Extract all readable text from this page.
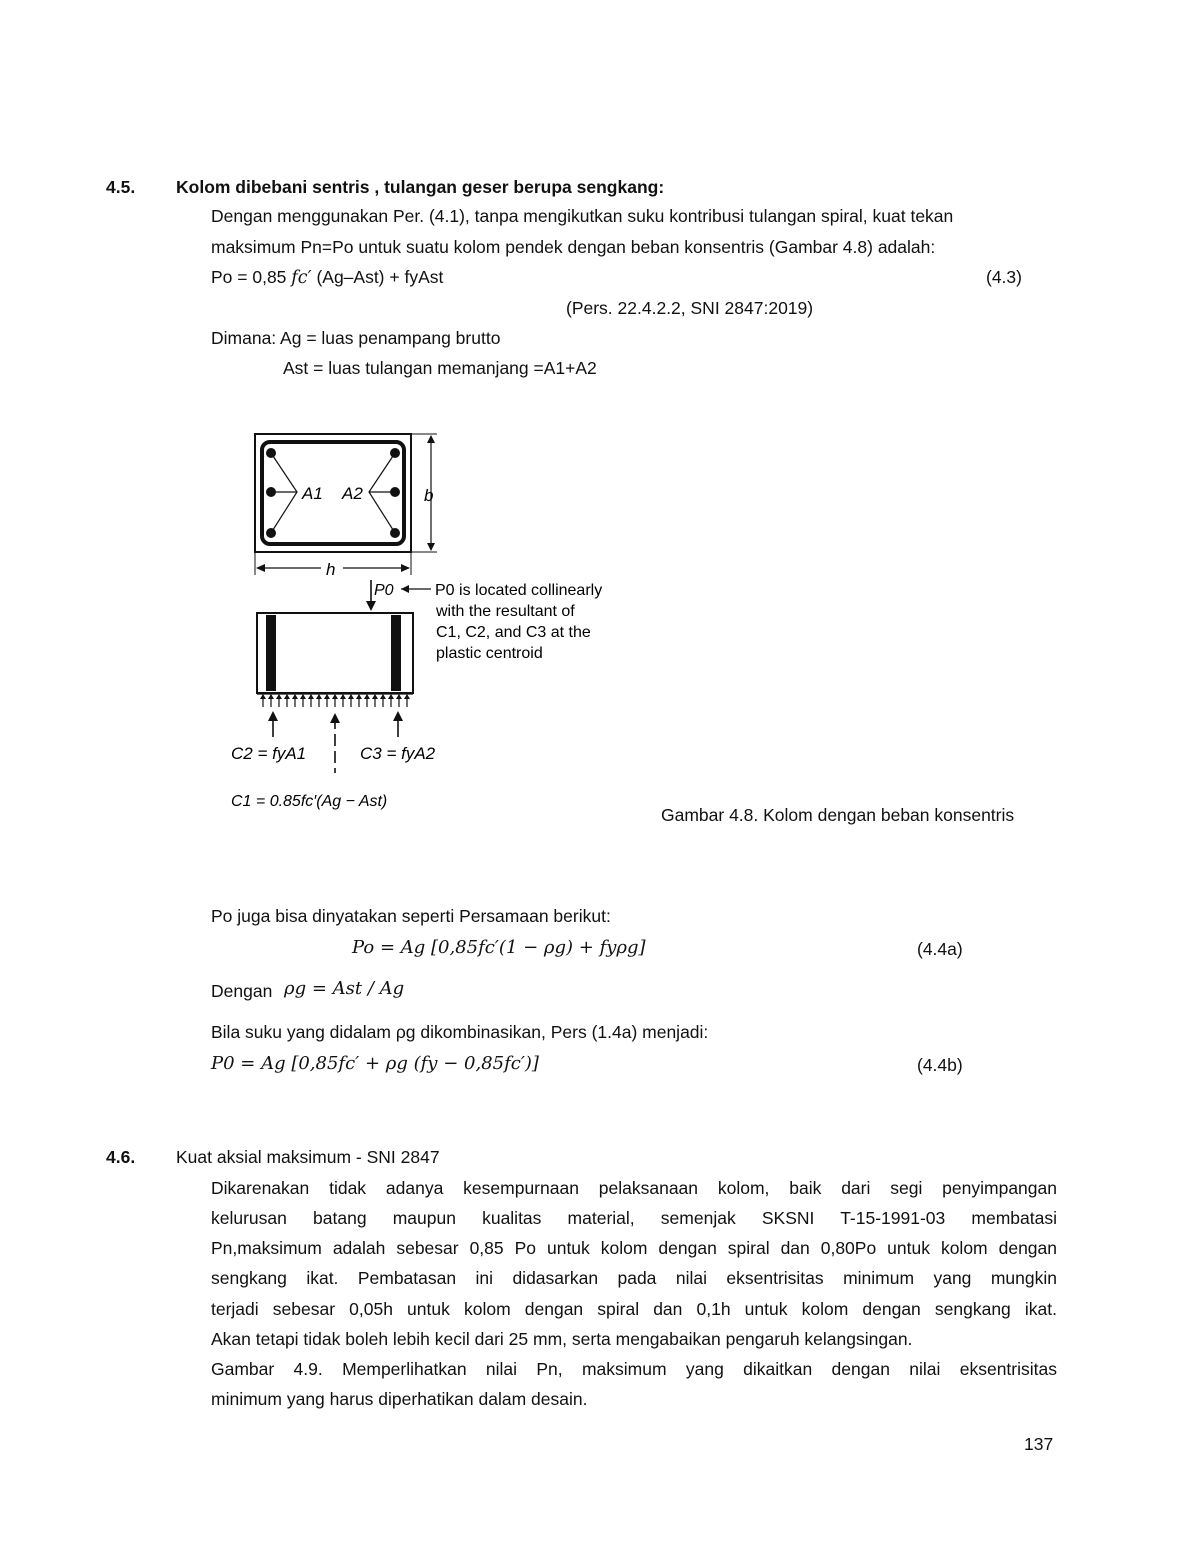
4.5. Kolom dibebani sentris , tulangan geser berupa sengkang:
Dengan menggunakan Per. (4.1), tanpa mengikutkan suku kontribusi tulangan spiral, kuat tekan
maksimum Pn=Po untuk suatu kolom pendek dengan beban konsentris (Gambar 4.8) adalah:
Po = 0,85 fc′ (Ag–Ast) + fyAst	(4.3)
(Pers. 22.4.2.2, SNI 2847:2019)
Dimana: Ag = luas penampang brutto
Ast = luas tulangan memanjang =A1+A2
A1 A2	b
h
P0	P0 is located collinearly
with the resultant of
C1, C2, and C3 at the
plastic centroid
C2 = fyA1	C3 = fyA2
C1 = 0.85fc′(Ag − Ast)
Gambar 4.8. Kolom dengan beban konsentris
Po juga bisa dinyatakan seperti Persamaan berikut:
Po = Ag [0,85fc′(1 − ρg) + fyρg]	(4.4a)
Dengan ρg = Ast / Ag
Bila suku yang didalam ρg dikombinasikan, Pers (1.4a) menjadi:
P0 = Ag [0,85fc′ + ρg (fy − 0,85fc′)]	(4.4b)
4.6. Kuat aksial maksimum - SNI 2847
Dikarenakan tidak adanya kesempurnaan pelaksanaan kolom, baik dari segi penyimpangan
kelurusan batang maupun kualitas material, semenjak SKSNI T-15-1991-03 membatasi
Pn,maksimum adalah sebesar 0,85 Po untuk kolom dengan spiral dan 0,80Po untuk kolom dengan
sengkang ikat. Pembatasan ini didasarkan pada nilai eksentrisitas minimum yang mungkin
terjadi sebesar 0,05h untuk kolom dengan spiral dan 0,1h untuk kolom dengan sengkang ikat.
Akan tetapi tidak boleh lebih kecil dari 25 mm, serta mengabaikan pengaruh kelangsingan.
Gambar 4.9. Memperlihatkan nilai Pn, maksimum yang dikaitkan dengan nilai eksentrisitas
minimum yang harus diperhatikan dalam desain.
137
